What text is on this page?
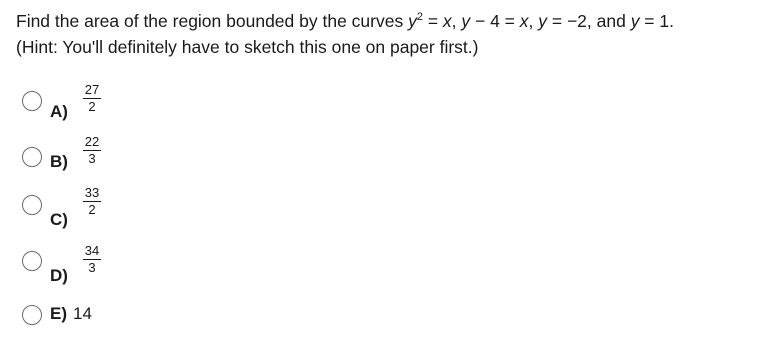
Find the area of the region bounded by the curves $y^2 = x$, y − 4 = x, y = −2, and y = 1.
(Hint: You'll definitely have to sketch this one on paper first.)
A)
27
2
B)
22
3
C)
33
2
D)
34
3
E) 14
